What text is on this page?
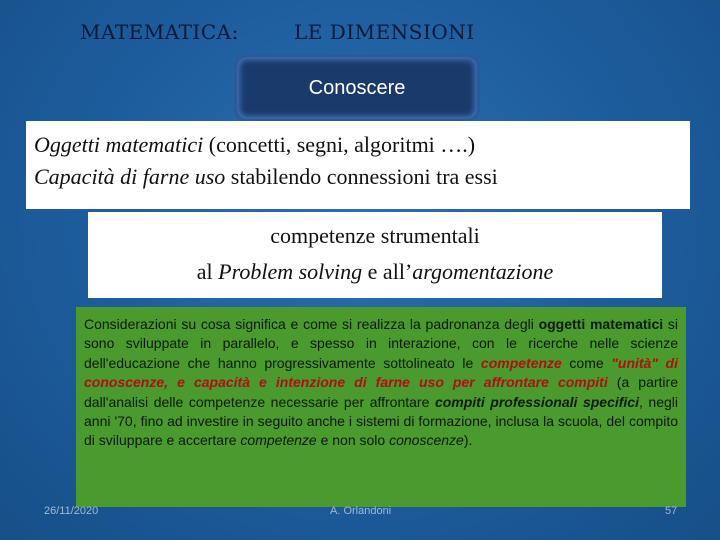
MATEMATICA:	LE DIMENSIONI
Conoscere

Oggetti matematici (concetti, segni, algoritmi ….)

Capacità di farne uso stabilendo connessioni tra essi

competenze strumentali

al Problem solving e all’argomentazione

Considerazioni su cosa significa e come si realizza la padronanza degli oggetti matematici si sono sviluppate in parallelo, e spesso in interazione, con le ricerche nelle scienze dell'educazione che hanno progressivamente sottolineato le competenze come "unità" di conoscenze, e capacità e intenzione di farne uso per affrontare compiti (a partire dall'analisi delle competenze necessarie per affrontare compiti professionali specifici, negli anni '70, fino ad investire in seguito anche i sistemi di formazione, inclusa la scuola, del compito di sviluppare e accertare competenze e non solo conoscenze).
26/11/2020	A. Orlandoni	57
